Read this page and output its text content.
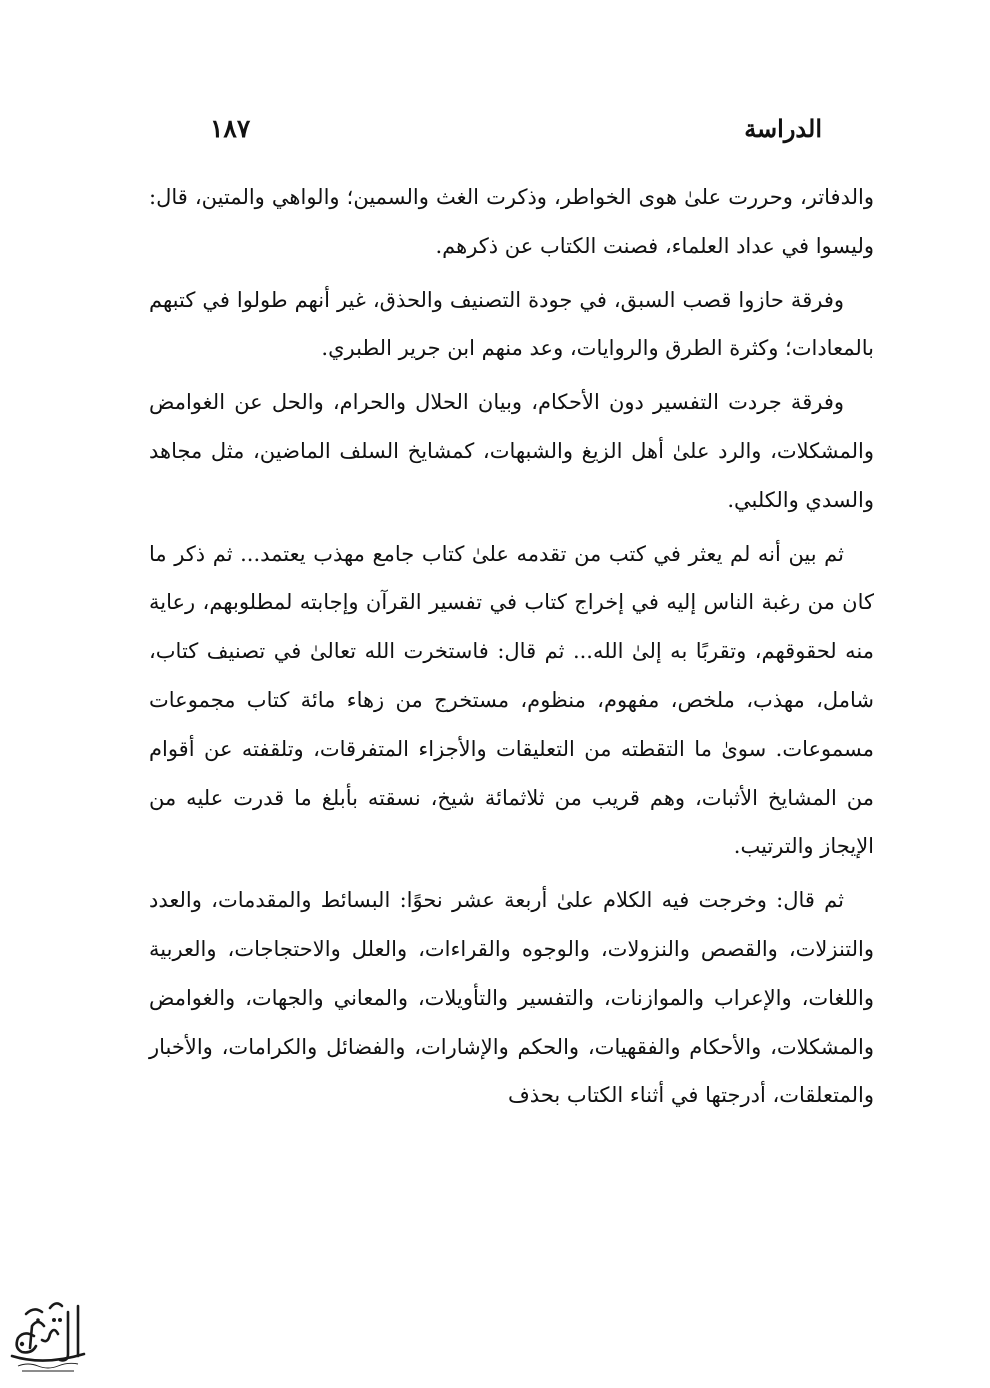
الدراسة
١٨٧

والدفاتر، وحررت علىٰ هوى الخواطر، وذكرت الغث والسمين؛ والواهي والمتين، قال: وليسوا في عداد العلماء، فصنت الكتاب عن ذكرهم.

وفرقة حازوا قصب السبق، في جودة التصنيف والحذق، غير أنهم طولوا في كتبهم بالمعادات؛ وكثرة الطرق والروايات، وعد منهم ابن جرير الطبري.

وفرقة جردت التفسير دون الأحكام، وبيان الحلال والحرام، والحل عن الغوامض والمشكلات، والرد علىٰ أهل الزيغ والشبهات، كمشايخ السلف الماضين، مثل مجاهد والسدي والكلبي.

ثم بين أنه لم يعثر في كتب من تقدمه علىٰ كتاب جامع مهذب يعتمد... ثم ذكر ما كان من رغبة الناس إليه في إخراج كتاب في تفسير القرآن وإجابته لمطلوبهم، رعاية منه لحقوقهم، وتقربًا به إلىٰ الله... ثم قال: فاستخرت الله تعالىٰ في تصنيف كتاب، شامل، مهذب، ملخص، مفهوم، منظوم، مستخرج من زهاء مائة كتاب مجموعات مسموعات. سوىٰ ما التقطته من التعليقات والأجزاء المتفرقات، وتلقفته عن أقوام من المشايخ الأثبات، وهم قريب من ثلاثمائة شيخ، نسقته بأبلغ ما قدرت عليه من الإيجاز والترتيب.

ثم قال: وخرجت فيه الكلام علىٰ أربعة عشر نحوًا: البسائط والمقدمات، والعدد والتنزلات، والقصص والنزولات، والوجوه والقراءات، والعلل والاحتجاجات، والعربية واللغات، والإعراب والموازنات، والتفسير والتأويلات، والمعاني والجهات، والغوامض والمشكلات، والأحكام والفقهيات، والحكم والإشارات، والفضائل والكرامات، والأخبار والمتعلقات، أدرجتها في أثناء الكتاب بحذف
